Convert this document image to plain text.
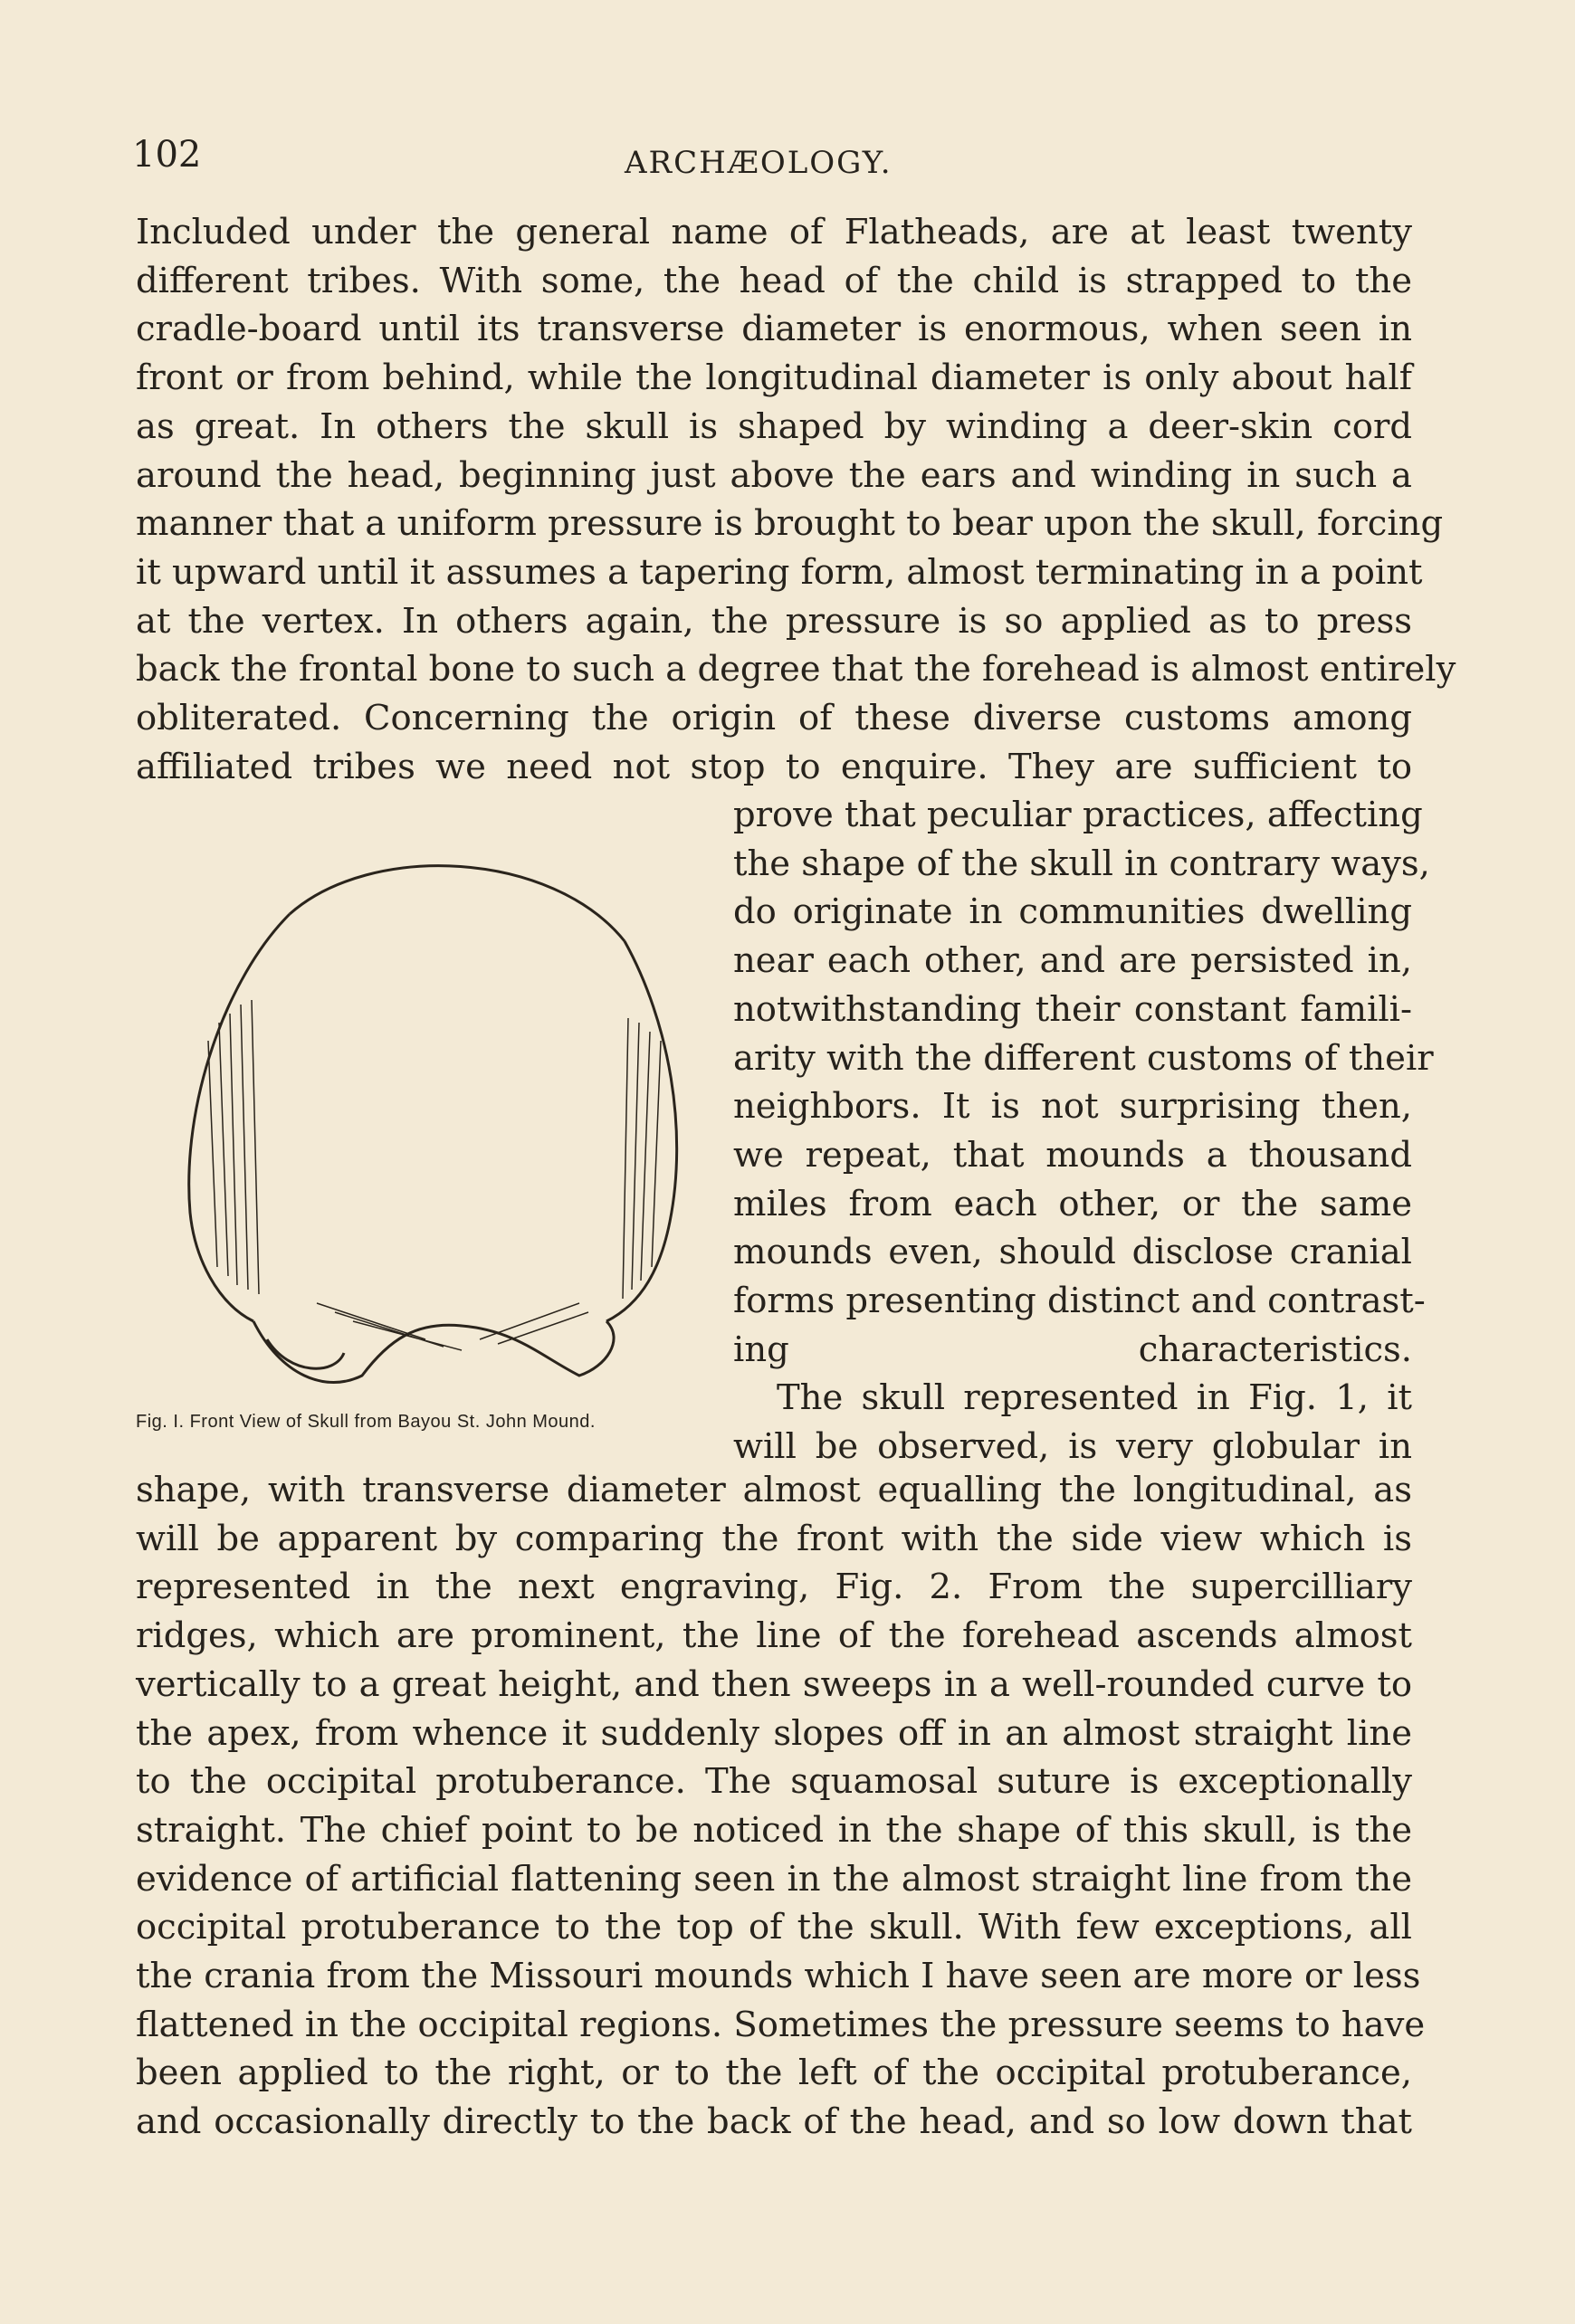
102	ARCHÆOLOGY.
Included under the general name of Flatheads, are at least twenty
different tribes. With some, the head of the child is strapped to the
cradle-board until its transverse diameter is enormous, when seen in
front or from behind, while the longitudinal diameter is only about half
as great. In others the skull is shaped by winding a deer-skin cord
around the head, beginning just above the ears and winding in such a
manner that a uniform pressure is brought to bear upon the skull, forcing
it upward until it assumes a tapering form, almost terminating in a point
at the vertex. In others again, the pressure is so applied as to press
back the frontal bone to such a degree that the forehead is almost entirely
obliterated. Concerning the origin of these diverse customs among
affiliated tribes we need not stop to enquire. They are sufficient to
Fig. I. Front View of Skull from Bayou St. John Mound.
prove that peculiar practices, affecting
the shape of the skull in contrary ways,
do originate in communities dwelling
near each other, and are persisted in,
notwithstanding their constant famili-
arity with the different customs of their
neighbors. It is not surprising then,
we repeat, that mounds a thousand
miles from each other, or the same
mounds even, should disclose cranial
forms presenting distinct and contrast-
ing characteristics.
The skull represented in Fig. 1, it
will be observed, is very globular in
shape, with transverse diameter almost equalling the longitudinal, as
will be apparent by comparing the front with the side view which is
represented in the next engraving, Fig. 2. From the supercilliary
ridges, which are prominent, the line of the forehead ascends almost
vertically to a great height, and then sweeps in a well-rounded curve to
the apex, from whence it suddenly slopes off in an almost straight line
to the occipital protuberance. The squamosal suture is exceptionally
straight. The chief point to be noticed in the shape of this skull, is the
evidence of artificial flattening seen in the almost straight line from the
occipital protuberance to the top of the skull. With few exceptions, all
the crania from the Missouri mounds which I have seen are more or less
flattened in the occipital regions. Sometimes the pressure seems to have
been applied to the right, or to the left of the occipital protuberance,
and occasionally directly to the back of the head, and so low down that
